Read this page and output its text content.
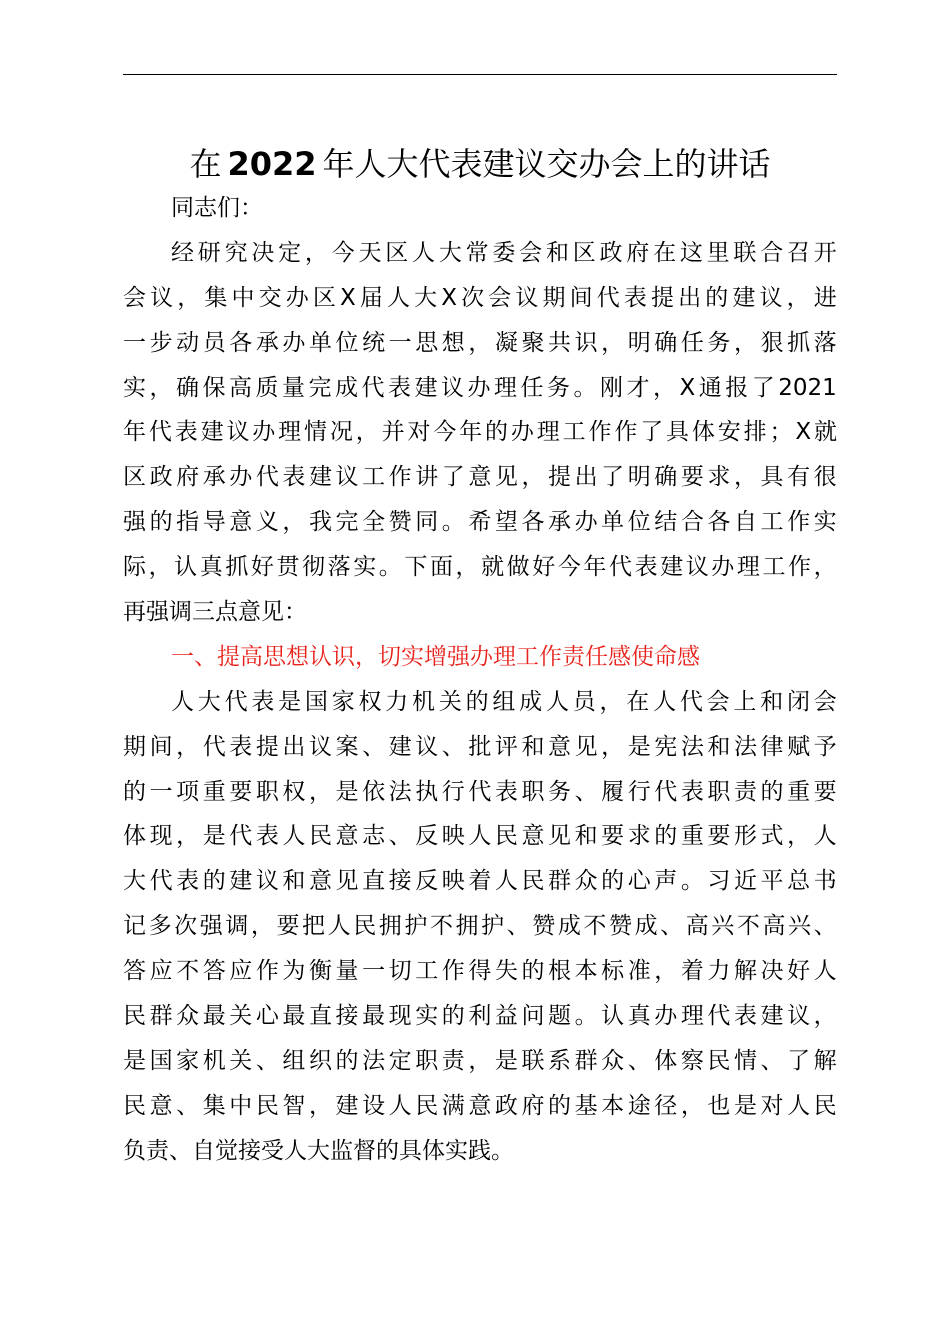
在 2022 年人大代表建议交办会上的讲话
同志们：
经 研 究 决 定 ， 今 天 区 人 大 常 委 会 和 区 政 府 在 这 里 联 合 召 开
会 议 ， 集 中 交 办 区 X 届 人 大 X 次 会 议 期 间 代 表 提 出 的 建 议 ， 进
一 步 动 员 各 承 办 单 位 统 一 思 想 ， 凝 聚 共 识 ， 明 确 任 务 ， 狠 抓 落
实 ， 确 保 高 质 量 完 成 代 表 建 议 办 理 任 务 。 刚 才 ， X 通 报 了 2021
年 代 表 建 议 办 理 情 况 ， 并 对 今 年 的 办 理 工 作 作 了 具 体 安 排 ； X 就
区 政 府 承 办 代 表 建 议 工 作 讲 了 意 见 ， 提 出 了 明 确 要 求 ， 具 有 很
强 的 指 导 意 义 ， 我 完 全 赞 同 。 希 望 各 承 办 单 位 结 合 各 自 工 作 实
际 ， 认 真 抓 好 贯 彻 落 实 。 下 面 ， 就 做 好 今 年 代 表 建 议 办 理 工 作 ，
再 强 调 三 点 意 见 ：
一、提高思想认识，切实增强办理工作责任感使命感
人 大 代 表 是 国 家 权 力 机 关 的 组 成 人 员 ， 在 人 代 会 上 和 闭 会
期 间 ， 代 表 提 出 议 案 、 建 议 、 批 评 和 意 见 ， 是 宪 法 和 法 律 赋 予
的 一 项 重 要 职 权 ， 是 依 法 执 行 代 表 职 务 、 履 行 代 表 职 责 的 重 要
体 现 ， 是 代 表 人 民 意 志 、 反 映 人 民 意 见 和 要 求 的 重 要 形 式 ， 人
大 代 表 的 建 议 和 意 见 直 接 反 映 着 人 民 群 众 的 心 声 。 习 近 平 总 书
记 多 次 强 调 ， 要 把 人 民 拥 护 不 拥 护 、 赞 成 不 赞 成 、 高 兴 不 高 兴 、
答 应 不 答 应 作 为 衡 量 一 切 工 作 得 失 的 根 本 标 准 ， 着 力 解 决 好 人
民 群 众 最 关 心 最 直 接 最 现 实 的 利 益 问 题 。 认 真 办 理 代 表 建 议 ，
是 国 家 机 关 、 组 织 的 法 定 职 责 ， 是 联 系 群 众 、 体 察 民 情 、 了 解
民 意 、 集 中 民 智 ， 建 设 人 民 满 意 政 府 的 基 本 途 径 ， 也 是 对 人 民
负 责 、 自 觉 接 受 人 大 监 督 的 具 体 实 践 。
